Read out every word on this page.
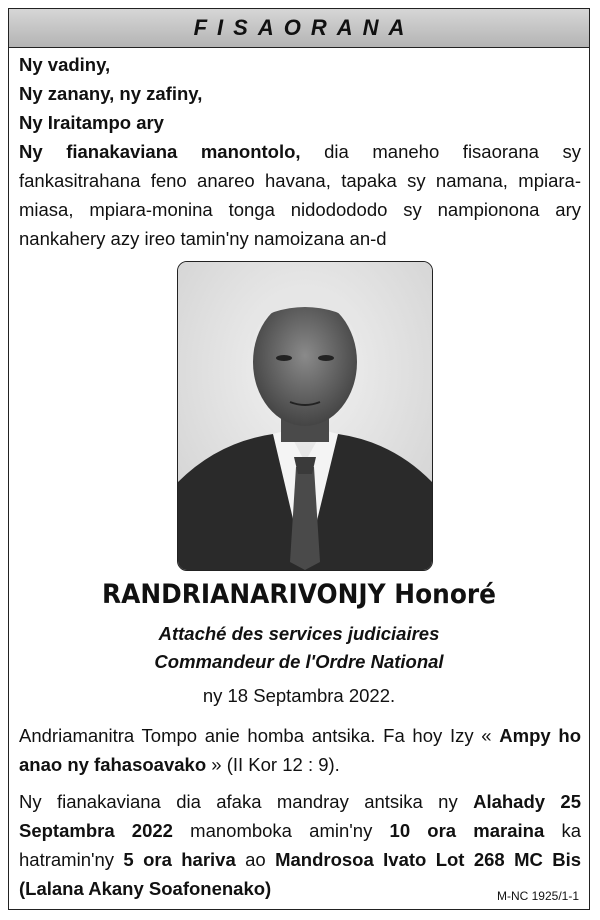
FISAORANA
Ny vadiny,
Ny zanany, ny zafiny,
Ny Iraitampo ary
Ny fianakaviana manontolo, dia maneho fisaorana sy fankasitrahana feno anareo havana, tapaka sy namana, mpiara-miasa, mpiara-monina tonga nidodododo sy nampionona ary nankahery azy ireo tamin'ny namoizana an-d
RANDRIANARIVONJY Honoré
Attaché des services judiciaires
Commandeur de l'Ordre National
ny 18 Septambra 2022.
Andriamanitra Tompo anie homba antsika. Fa hoy Izy « Ampy ho anao ny fahasoavako » (II Kor 12 : 9).
Ny fianakaviana dia afaka mandray antsika ny Alahady 25 Septambra 2022 manomboka amin'ny 10 ora maraina ka hatramin'ny 5 ora hariva ao Mandrosoa Ivato Lot 268 MC Bis (Lalana Akany Soafonenako)	M-NC 1925/1-1
